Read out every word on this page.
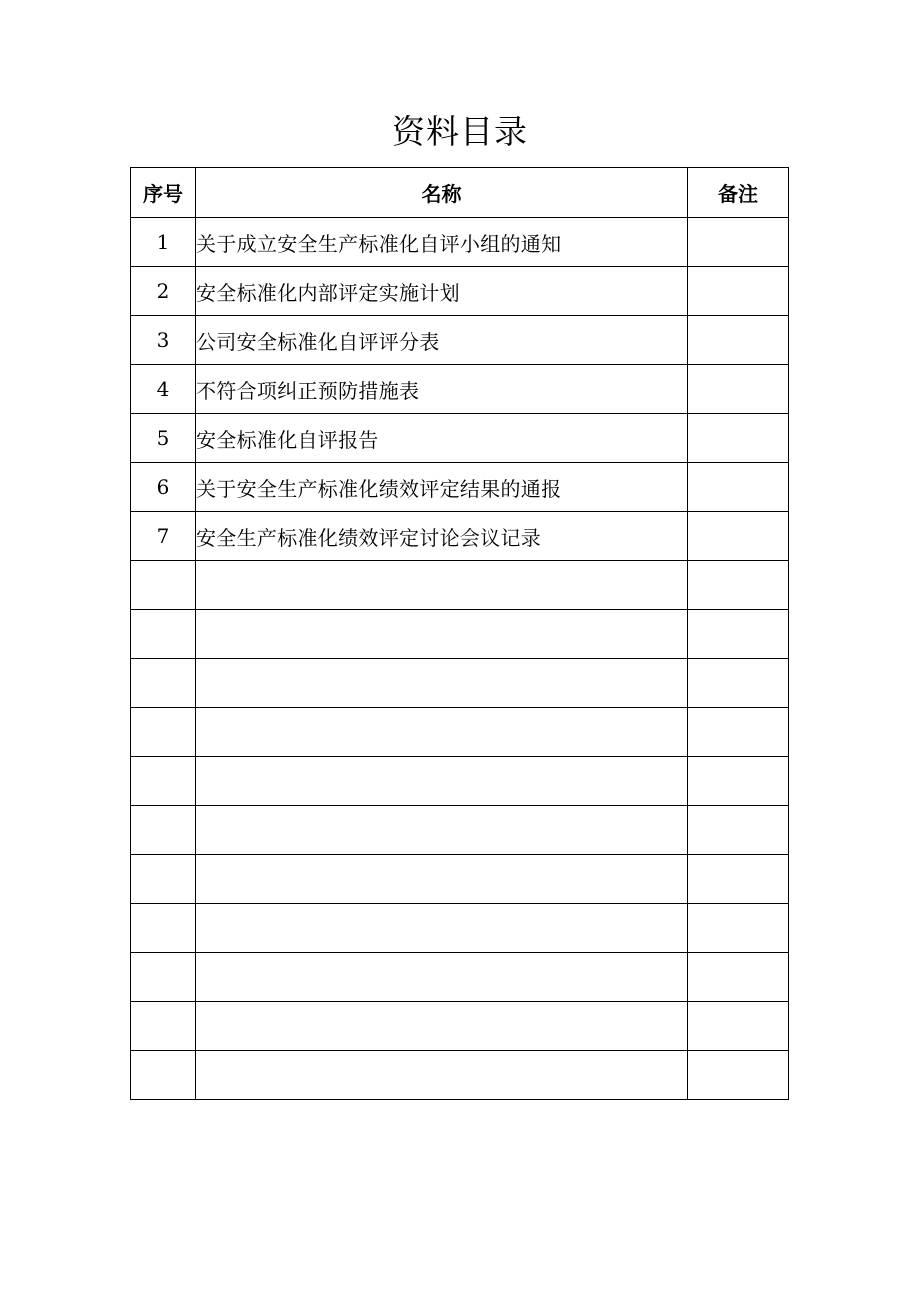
资料目录
序号	名称	备注
1	关于成立安全生产标准化自评小组的通知	
2	安全标准化内部评定实施计划	
3	公司安全标准化自评评分表	
4	不符合项纠正预防措施表	
5	安全标准化自评报告	
6	关于安全生产标准化绩效评定结果的通报	
7	安全生产标准化绩效评定讨论会议记录	
